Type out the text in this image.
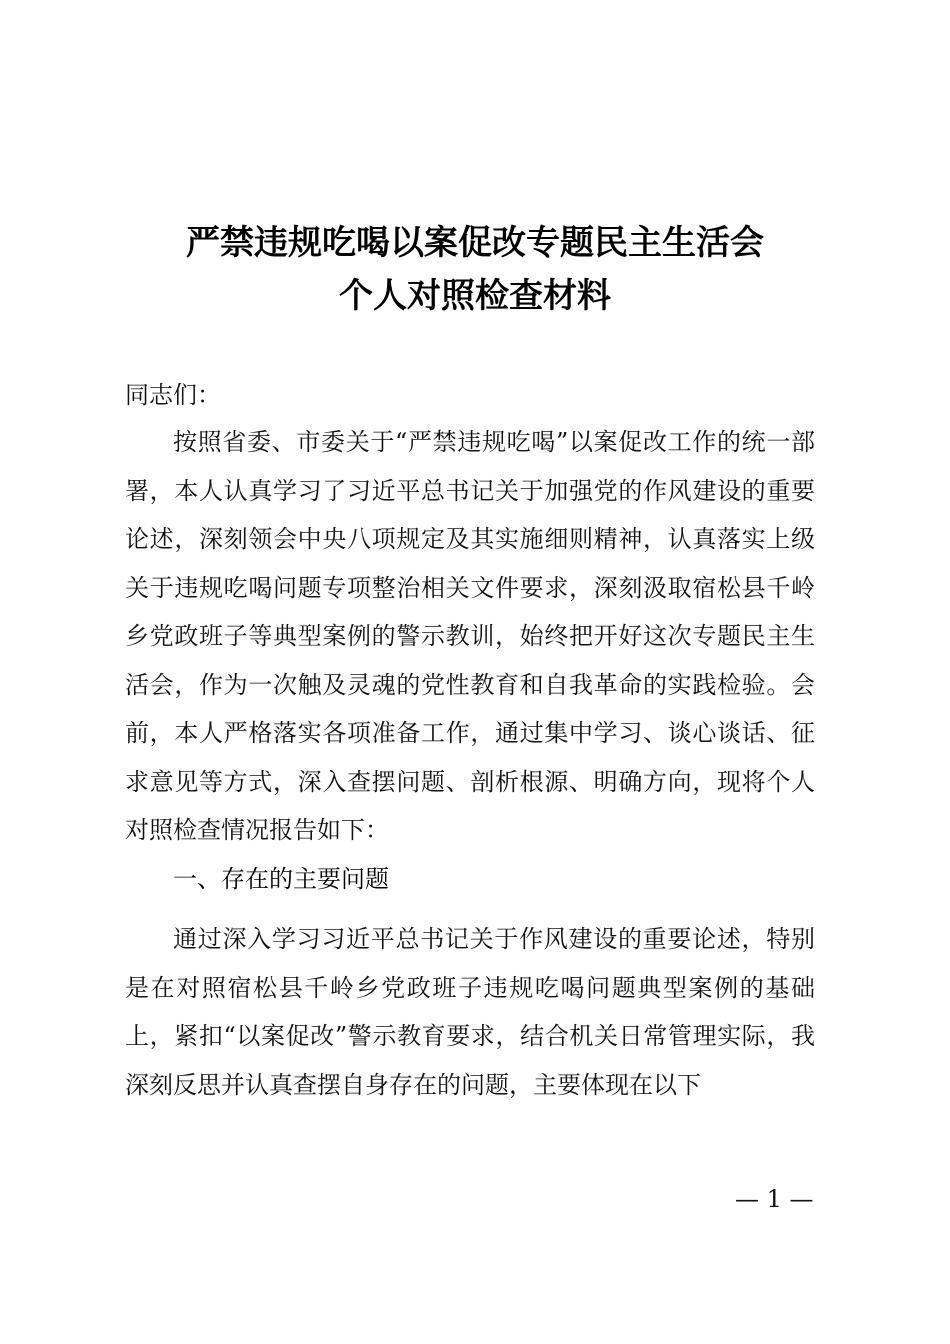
严禁违规吃喝以案促改专题民主生活会
个人对照检查材料

同志们：

按照省委、市委关于“严禁违规吃喝”以案促改工作的统一部署，本人认真学习了习近平总书记关于加强党的作风建设的重要论述，深刻领会中央八项规定及其实施细则精神，认真落实上级关于违规吃喝问题专项整治相关文件要求，深刻汲取宿松县千岭乡党政班子等典型案例的警示教训，始终把开好这次专题民主生活会，作为一次触及灵魂的党性教育和自我革命的实践检验。会前，本人严格落实各项准备工作，通过集中学习、谈心谈话、征求意见等方式，深入查摆问题、剖析根源、明确方向，现将个人对照检查情况报告如下：

一、存在的主要问题

通过深入学习习近平总书记关于作风建设的重要论述，特别是在对照宿松县千岭乡党政班子违规吃喝问题典型案例的基础上，紧扣“以案促改”警示教育要求，结合机关日常管理实际，我深刻反思并认真查摆自身存在的问题，主要体现在以下

— 1 —
